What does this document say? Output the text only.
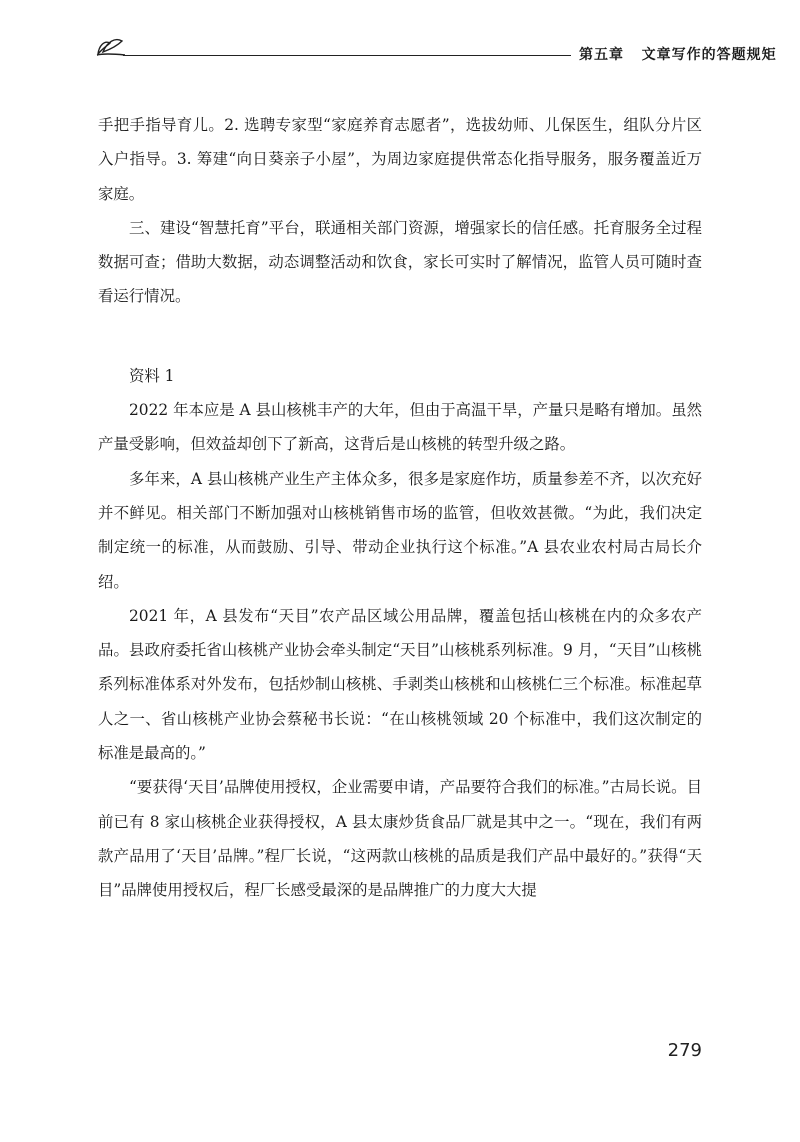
第五章 文章写作的答题规矩

手把手指导育儿。2. 选聘专家型“家庭养育志愿者”，选拔幼师、儿保医生，组队分片区入户指导。3. 筹建“向日葵亲子小屋”，为周边家庭提供常态化指导服务，服务覆盖近万家庭。

三、建设“智慧托育”平台，联通相关部门资源，增强家长的信任感。托育服务全过程数据可查；借助大数据，动态调整活动和饮食，家长可实时了解情况，监管人员可随时查看运行情况。

资料 1

2022 年本应是 A 县山核桃丰产的大年，但由于高温干旱，产量只是略有增加。虽然产量受影响，但效益却创下了新高，这背后是山核桃的转型升级之路。

多年来，A 县山核桃产业生产主体众多，很多是家庭作坊，质量参差不齐，以次充好并不鲜见。相关部门不断加强对山核桃销售市场的监管，但收效甚微。“为此，我们决定制定统一的标准，从而鼓励、引导、带动企业执行这个标准。”A 县农业农村局古局长介绍。

2021 年，A 县发布“天目”农产品区域公用品牌，覆盖包括山核桃在内的众多农产品。县政府委托省山核桃产业协会牵头制定“天目”山核桃系列标准。9 月，“天目”山核桃系列标准体系对外发布，包括炒制山核桃、手剥类山核桃和山核桃仁三个标准。标准起草人之一、省山核桃产业协会蔡秘书长说：“在山核桃领域 20 个标准中，我们这次制定的标准是最高的。”

“要获得‘天目’品牌使用授权，企业需要申请，产品要符合我们的标准。”古局长说。目前已有 8 家山核桃企业获得授权，A 县太康炒货食品厂就是其中之一。“现在，我们有两款产品用了‘天目’品牌。”程厂长说，“这两款山核桃的品质是我们产品中最好的。”获得“天目”品牌使用授权后，程厂长感受最深的是品牌推广的力度大大提

279
